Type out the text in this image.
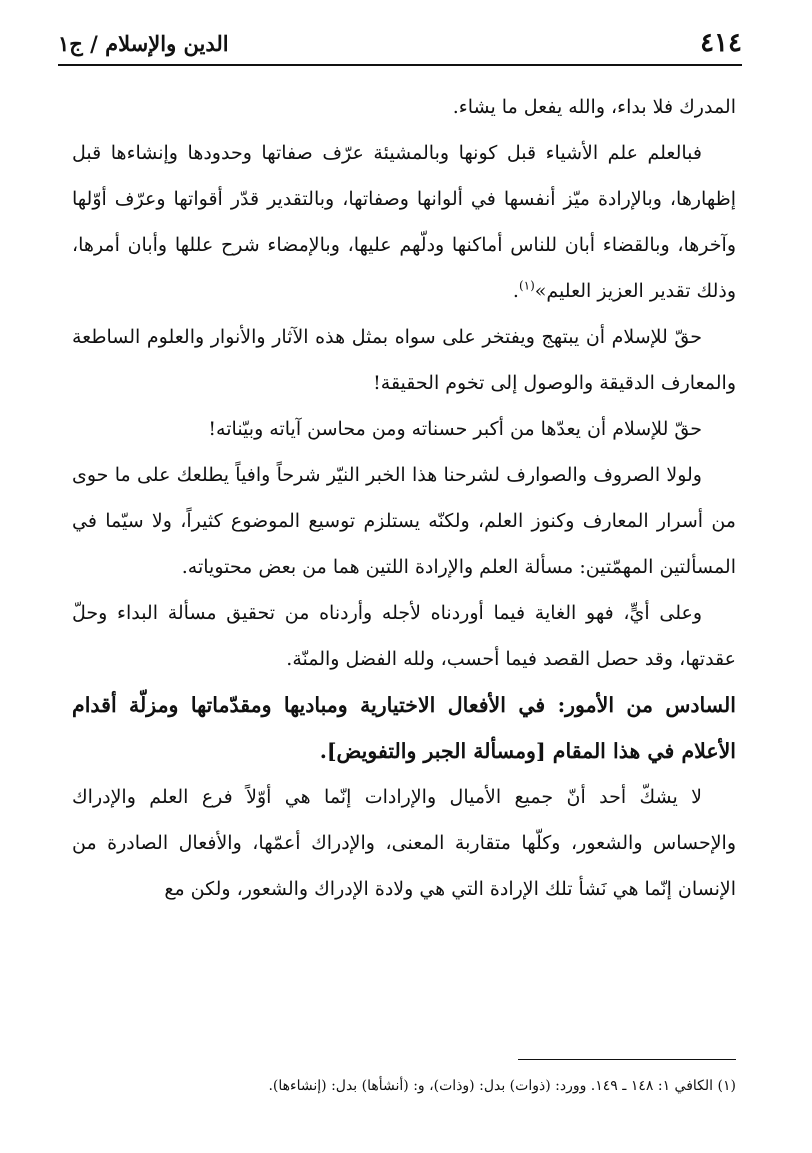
٤١٤
الدين والإسلام / ج١

المدرك فلا بداء، والله يفعل ما يشاء.

فبالعلم علم الأشياء قبل كونها وبالمشيئة عرّف صفاتها وحدودها وإنشاءها قبل إظهارها، وبالإرادة ميّز أنفسها في ألوانها وصفاتها، وبالتقدير قدّر أقواتها وعرّف أوّلها وآخرها، وبالقضاء أبان للناس أماكنها ودلّهم عليها، وبالإمضاء شرح عللها وأبان أمرها، وذلك تقدير العزيز العليم»$^{(١)}$.

حقّ للإسلام أن يبتهج ويفتخر على سواه بمثل هذه الآثار والأنوار والعلوم الساطعة والمعارف الدقيقة والوصول إلى تخوم الحقيقة!

حقّ للإسلام أن يعدّها من أكبر حسناته ومن محاسن آياته وبيّناته!

ولولا الصروف والصوارف لشرحنا هذا الخبر النيّر شرحاً وافياً يطلعك على ما حوى من أسرار المعارف وكنوز العلم، ولكنّه يستلزم توسيع الموضوع كثيراً، ولا سيّما في المسألتين المهمّتين: مسألة العلم والإرادة اللتين هما من بعض محتوياته.

وعلى أيٍّ، فهو الغاية فيما أوردناه لأجله وأردناه من تحقيق مسألة البداء وحلّ عقدتها، وقد حصل القصد فيما أحسب، ولله الفضل والمنّة.

السادس من الأمور: في الأفعال الاختيارية ومباديها ومقدّماتها ومزلّة أقدام الأعلام في هذا المقام [ومسألة الجبر والتفويض].

لا يشكّ أحد أنّ جميع الأميال والإرادات إنّما هي أوّلاً فرع العلم والإدراك والإحساس والشعور، وكلّها متقاربة المعنى، والإدراك أعمّها، والأفعال الصادرة من الإنسان إنّما هي نَشأ تلك الإرادة التي هي ولادة الإدراك والشعور، ولكن مع

(١) الكافي ١: ١٤٨ ـ ١٤٩. وورد: (ذوات) بدل: (وذات)، و: (أنشأها) بدل: (إنشاءها).
